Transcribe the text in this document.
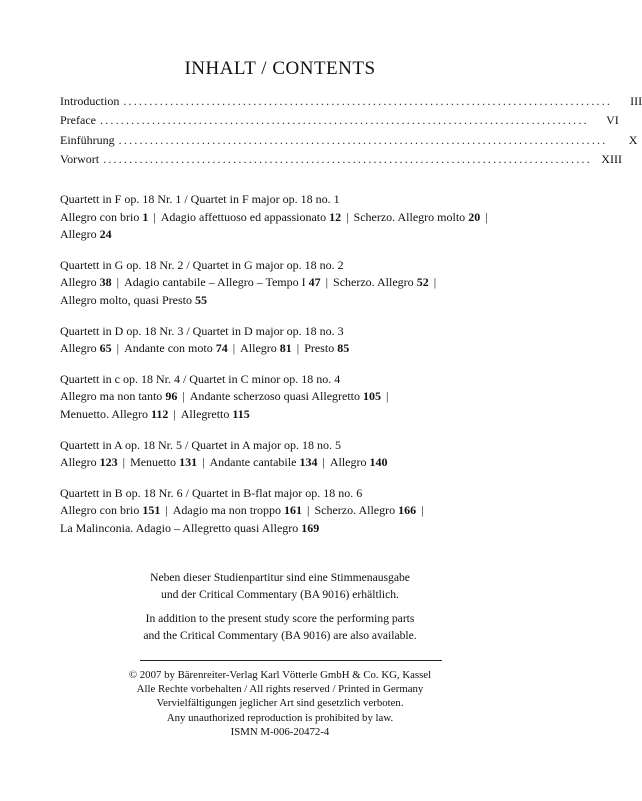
INHALT / CONTENTS
Introduction ..............................................................................................	III
Preface ..............................................................................................	VI
Einführung ..............................................................................................	X
Vorwort .............................................................................................. XIII
Quartett in F op. 18 Nr. 1 / Quartet in F major op. 18 no. 1
Allegro con brio 1 | Adagio affettuoso ed appassionato 12 | Scherzo. Allegro molto 20 |
Allegro 24
Quartett in G op. 18 Nr. 2 / Quartet in G major op. 18 no. 2
Allegro 38 | Adagio cantabile – Allegro – Tempo I 47 | Scherzo. Allegro 52 |
Allegro molto, quasi Presto 55
Quartett in D op. 18 Nr. 3 / Quartet in D major op. 18 no. 3
Allegro 65 | Andante con moto 74 | Allegro 81 | Presto 85
Quartett in c op. 18 Nr. 4 / Quartet in C minor op. 18 no. 4
Allegro ma non tanto 96 | Andante scherzoso quasi Allegretto 105 |
Menuetto. Allegro 112 | Allegretto 115
Quartett in A op. 18 Nr. 5 / Quartet in A major op. 18 no. 5
Allegro 123 | Menuetto 131 | Andante cantabile 134 | Allegro 140
Quartett in B op. 18 Nr. 6 / Quartet in B-flat major op. 18 no. 6
Allegro con brio 151 | Adagio ma non troppo 161 | Scherzo. Allegro 166 |
La Malinconia. Adagio – Allegretto quasi Allegro 169
Neben dieser Studienpartitur sind eine Stimmenausgabe
und der Critical Commentary (BA 9016) erhältlich.
In addition to the present study score the performing parts
and the Critical Commentary (BA 9016) are also available.
© 2007 by Bärenreiter-Verlag Karl Vötterle GmbH & Co. KG, Kassel
Alle Rechte vorbehalten / All rights reserved / Printed in Germany
Vervielfältigungen jeglicher Art sind gesetzlich verboten.
Any unauthorized reproduction is prohibited by law.
ISMN M-006-20472-4
